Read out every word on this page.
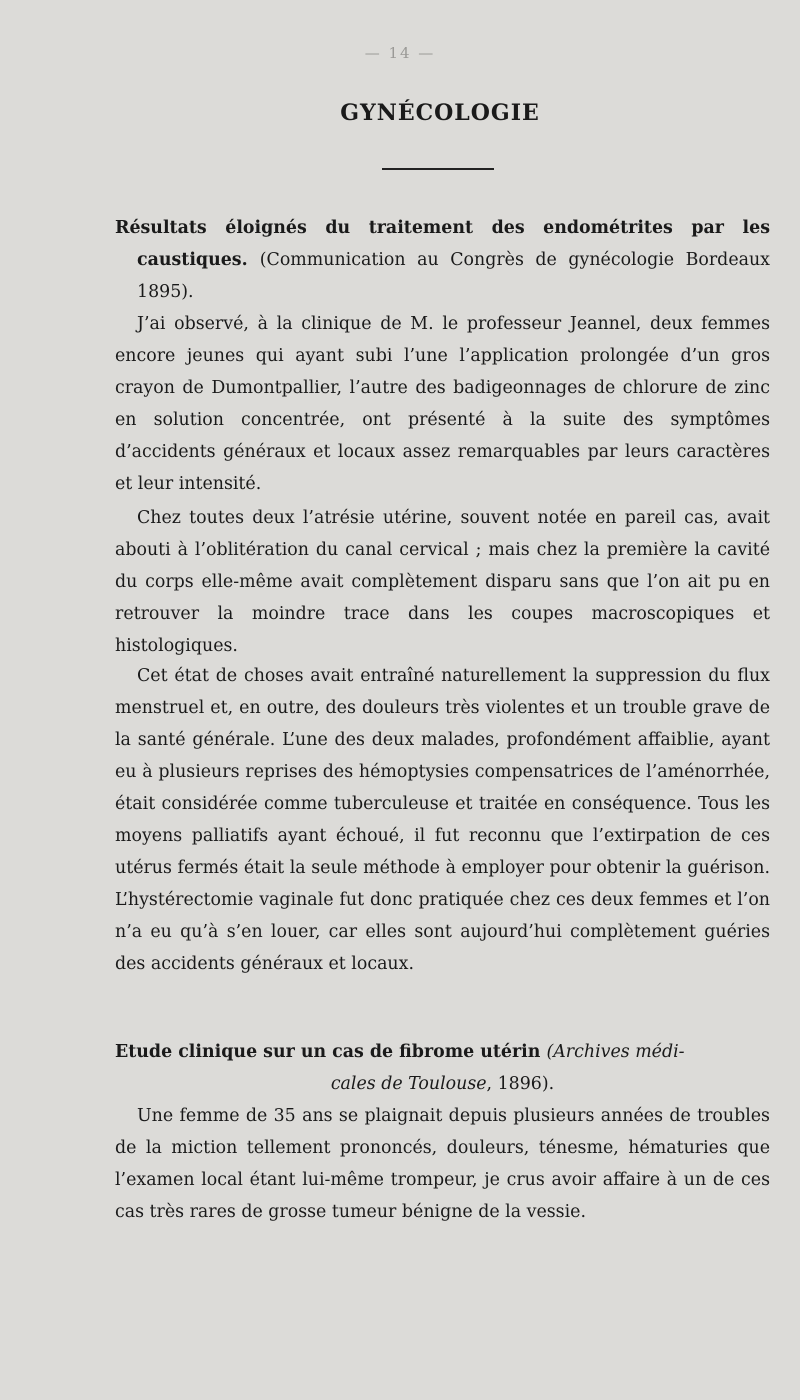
— 14 —
GYNÉCOLOGIE
Résultats éloignés du traitement des endométrites par les caustiques. (Communication au Congrès de gynécologie Bordeaux 1895).
J’ai observé, à la clinique de M. le professeur Jeannel, deux femmes encore jeunes qui ayant subi l’une l’application prolongée d’un gros crayon de Dumontpallier, l’autre des badigeonnages de chlorure de zinc en solution concentrée, ont présenté à la suite des symptômes d’accidents généraux et locaux assez remarquables par leurs caractères et leur intensité.
Chez toutes deux l’atrésie utérine, souvent notée en pareil cas, avait abouti à l’oblitération du canal cervical ; mais chez la première la cavité du corps elle-même avait complètement disparu sans que l’on ait pu en retrouver la moindre trace dans les coupes macroscopiques et histologiques.
Cet état de choses avait entraîné naturellement la suppression du flux menstruel et, en outre, des douleurs très violentes et un trouble grave de la santé générale. L’une des deux malades, profondément affaiblie, ayant eu à plusieurs reprises des hémoptysies compensatrices de l’aménorrhée, était considérée comme tuberculeuse et traitée en conséquence. Tous les moyens palliatifs ayant échoué, il fut reconnu que l’extirpation de ces utérus fermés était la seule méthode à employer pour obtenir la guérison. L’hystérectomie vaginale fut donc pratiquée chez ces deux femmes et l’on n’a eu qu’à s’en louer, car elles sont aujourd’hui complètement guéries des accidents généraux et locaux.
Etude clinique sur un cas de fibrome utérin (Archives médi-
cales de Toulouse, 1896).
Une femme de 35 ans se plaignait depuis plusieurs années de troubles de la miction tellement prononcés, douleurs, ténesme, hématuries que l’examen local étant lui-même trompeur, je crus avoir affaire à un de ces cas très rares de grosse tumeur bénigne de la vessie.
